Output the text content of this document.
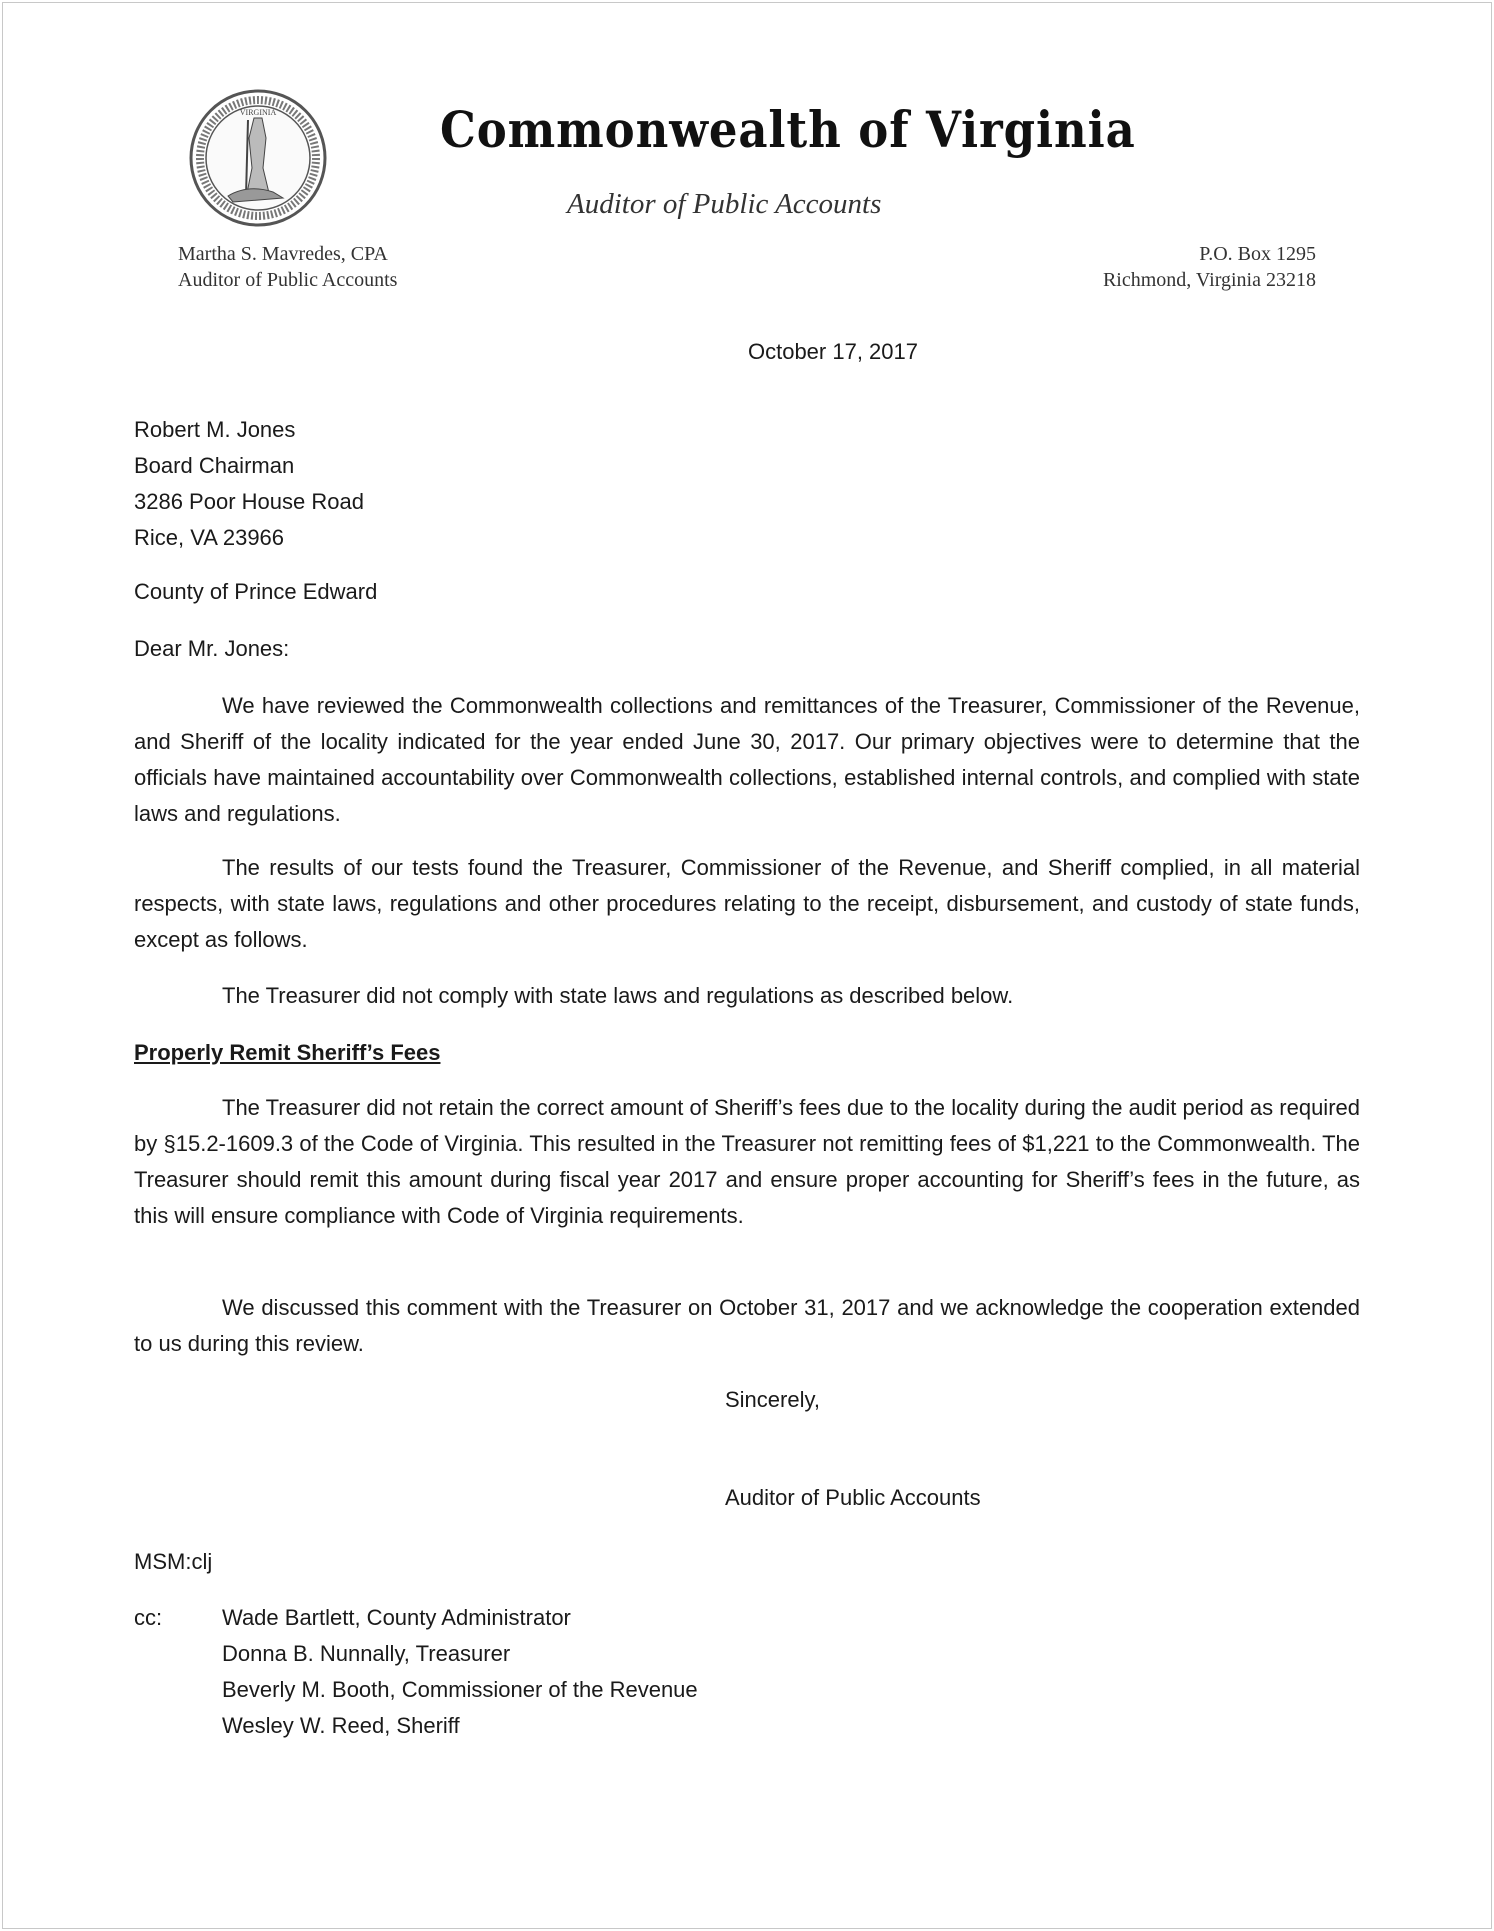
VIRGINIA	Commonwealth of Virginia
Auditor of Public Accounts
Martha S. Mavredes, CPA
Auditor of Public Accounts
P.O. Box 1295
Richmond, Virginia 23218
October 17, 2017
Robert M. Jones
Board Chairman
3286 Poor House Road
Rice, VA 23966
County of Prince Edward
Dear Mr. Jones:
We have reviewed the Commonwealth collections and remittances of the Treasurer, Commissioner of the Revenue, and Sheriff of the locality indicated for the year ended June 30, 2017. Our primary objectives were to determine that the officials have maintained accountability over Commonwealth collections, established internal controls, and complied with state laws and regulations.
The results of our tests found the Treasurer, Commissioner of the Revenue, and Sheriff complied, in all material respects, with state laws, regulations and other procedures relating to the receipt, disbursement, and custody of state funds, except as follows.
The Treasurer did not comply with state laws and regulations as described below.
Properly Remit Sheriff’s Fees
The Treasurer did not retain the correct amount of Sheriff’s fees due to the locality during the audit period as required by §15.2-1609.3 of the Code of Virginia. This resulted in the Treasurer not remitting fees of $1,221 to the Commonwealth. The Treasurer should remit this amount during fiscal year 2017 and ensure proper accounting for Sheriff’s fees in the future, as this will ensure compliance with Code of Virginia requirements.
We discussed this comment with the Treasurer on October 31, 2017 and we acknowledge the cooperation extended to us during this review.
Sincerely,
Auditor of Public Accounts
MSM:clj
cc:	Wade Bartlett, County Administrator
Donna B. Nunnally, Treasurer
Beverly M. Booth, Commissioner of the Revenue
Wesley W. Reed, Sheriff
